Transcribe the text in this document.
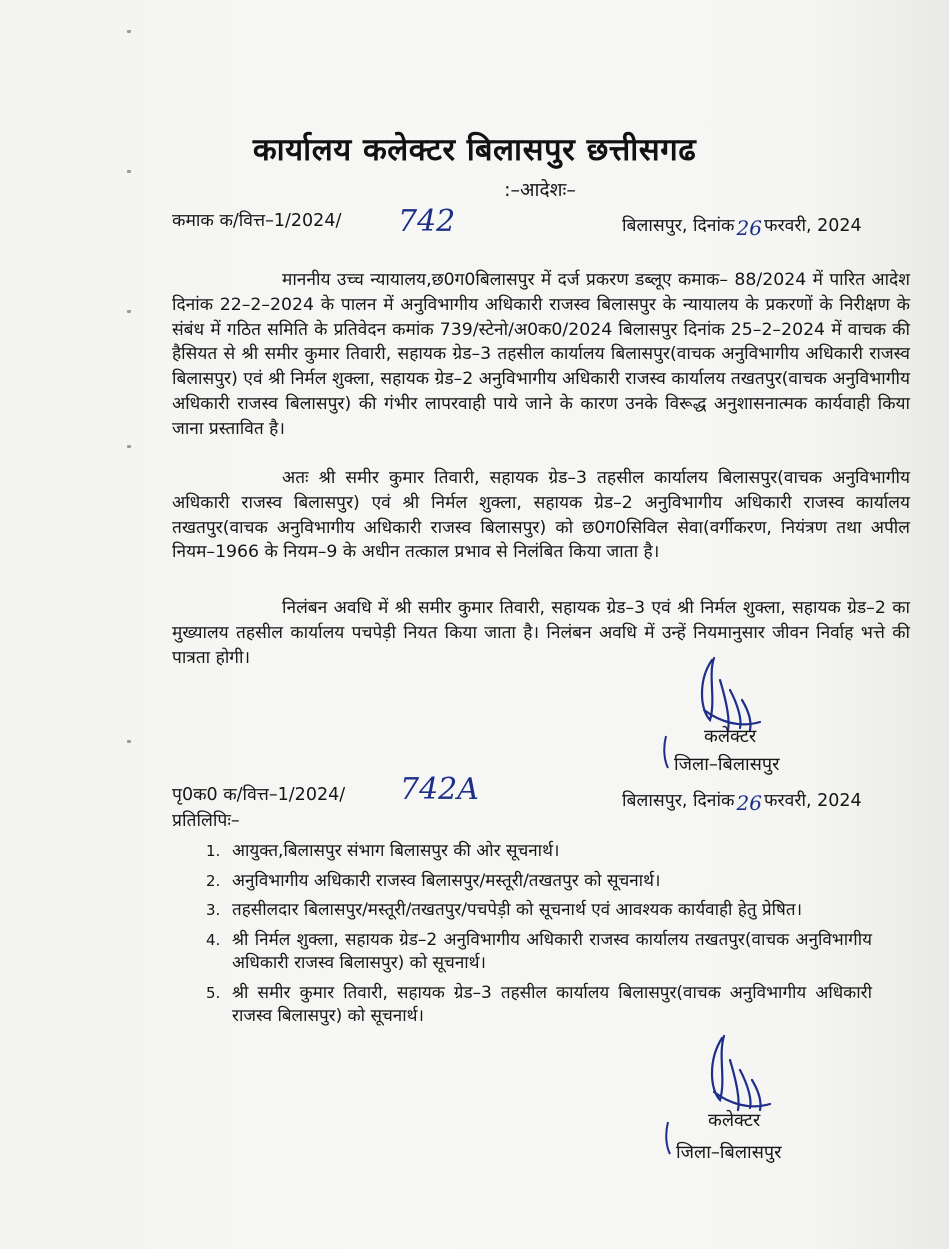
कार्यालय कलेक्टर बिलासपुर छत्तीसगढ
:–आदेशः–
कमाक क/वित्त–1/2024/ 742	बिलासपुर, दिनांक 26 फरवरी, 2024

माननीय उच्च न्यायालय,छ0ग0बिलासपुर में दर्ज प्रकरण डब्लूए कमाक– 88/2024 में पारित आदेश दिनांक 22–2–2024 के पालन में अनुविभागीय अधिकारी राजस्व बिलासपुर के न्यायालय के प्रकरणों के निरीक्षण के संबंध में गठित समिति के प्रतिवेदन कमांक 739/स्टेनो/अ0क0/2024 बिलासपुर दिनांक 25–2–2024 में वाचक की हैसियत से श्री समीर कुमार तिवारी, सहायक ग्रेड–3 तहसील कार्यालय बिलासपुर(वाचक अनुविभागीय अधिकारी राजस्व बिलासपुर) एवं श्री निर्मल शुक्ला, सहायक ग्रेड–2 अनुविभागीय अधिकारी राजस्व कार्यालय तखतपुर(वाचक अनुविभागीय अधिकारी राजस्व बिलासपुर) की गंभीर लापरवाही पाये जाने के कारण उनके विरूद्ध अनुशासनात्मक कार्यवाही किया जाना प्रस्तावित है।

अतः श्री समीर कुमार तिवारी, सहायक ग्रेड–3 तहसील कार्यालय बिलासपुर(वाचक अनुविभागीय अधिकारी राजस्व बिलासपुर) एवं श्री निर्मल शुक्ला, सहायक ग्रेड–2 अनुविभागीय अधिकारी राजस्व कार्यालय तखतपुर(वाचक अनुविभागीय अधिकारी राजस्व बिलासपुर) को छ0ग0सिविल सेवा(वर्गीकरण, नियंत्रण तथा अपील नियम–1966 के नियम–9 के अधीन तत्काल प्रभाव से निलंबित किया जाता है।

निलंबन अवधि में श्री समीर कुमार तिवारी, सहायक ग्रेड–3 एवं श्री निर्मल शुक्ला, सहायक ग्रेड–2 का मुख्यालय तहसील कार्यालय पचपेड़ी नियत किया जाता है। निलंबन अवधि में उन्हें नियमानुसार जीवन निर्वाह भत्ते की पात्रता होगी।

कलेक्टर
जिला–बिलासपुर
पृ0क0 क/वित्त–1/2024/ 742A	बिलासपुर, दिनांक 26 फरवरी, 2024
प्रतिलिपिः–
1. आयुक्त,बिलासपुर संभाग बिलासपुर की ओर सूचनार्थ।
2. अनुविभागीय अधिकारी राजस्व बिलासपुर/मस्तूरी/तखतपुर को सूचनार्थ।
3. तहसीलदार बिलासपुर/मस्तूरी/तखतपुर/पचपेड़ी को सूचनार्थ एवं आवश्यक कार्यवाही हेतु प्रेषित।
4. श्री निर्मल शुक्ला, सहायक ग्रेड–2 अनुविभागीय अधिकारी राजस्व कार्यालय तखतपुर(वाचक अनुविभागीय अधिकारी राजस्व बिलासपुर) को सूचनार्थ।
5. श्री समीर कुमार तिवारी, सहायक ग्रेड–3 तहसील कार्यालय बिलासपुर(वाचक अनुविभागीय अधिकारी राजस्व बिलासपुर) को सूचनार्थ।
कलेक्टर
जिला–बिलासपुर
